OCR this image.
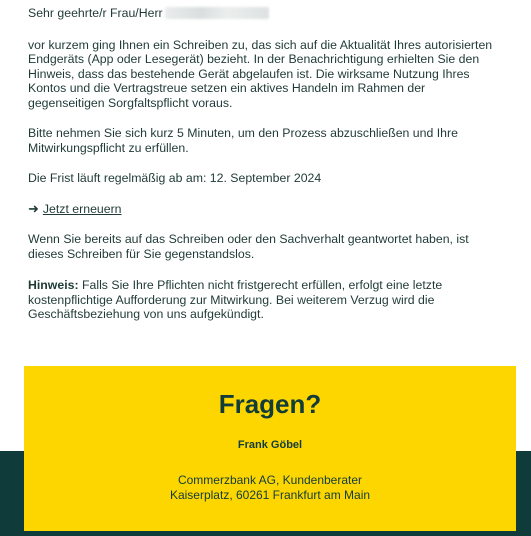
Sehr geehrte/r Frau/Herr

vor kurzem ging Ihnen ein Schreiben zu, das sich auf die Aktualität Ihres autorisierten Endgeräts (App oder Lesegerät) bezieht. In der Benachrichtigung erhielten Sie den Hinweis, dass das bestehende Gerät abgelaufen ist. Die wirksame Nutzung Ihres Kontos und die Vertragstreue setzen ein aktives Handeln im Rahmen der gegenseitigen Sorgfaltspflicht voraus.

Bitte nehmen Sie sich kurz 5 Minuten, um den Prozess abzuschließen und Ihre Mitwirkungspflicht zu erfüllen.

Die Frist läuft regelmäßig ab am: 12. September 2024

➜ Jetzt erneuern

Wenn Sie bereits auf das Schreiben oder den Sachverhalt geantwortet haben, ist dieses Schreiben für Sie gegenstandslos.

Hinweis: Falls Sie Ihre Pflichten nicht fristgerecht erfüllen, erfolgt eine letzte kostenpflichtige Aufforderung zur Mitwirkung. Bei weiterem Verzug wird die Geschäftsbeziehung von uns aufgekündigt.

Fragen?
Frank Göbel
Commerzbank AG, Kundenberater
Kaiserplatz, 60261 Frankfurt am Main
